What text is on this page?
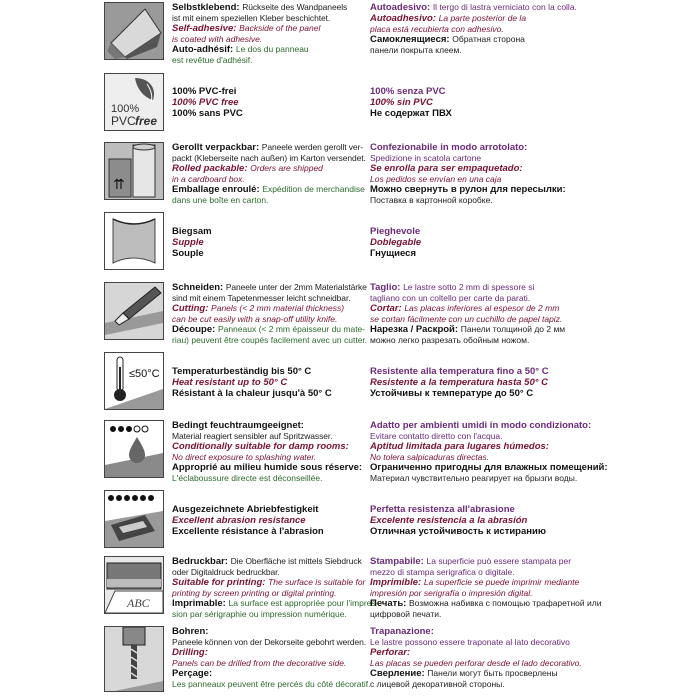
Selbstklebend: Rückseite des Wandpaneels
ist mit einem speziellen Kleber beschichtet.
Self-adhesive: Backside of the panel
is coated with adhesive.
Auto-adhésif: Le dos du panneau
est revêtue d'adhésif.
Autoadesivo: Il tergo di lastra verniciato con la colla.
Autoadhesivo: La parte posterior de la
placa está recubierta con adhesivo.
Самоклеящиеся: Обратная сторона
панели покрыта клеем.
100%
PVC free
100% PVC-frei
100% PVC free
100% sans PVC
100% senza PVC
100% sin PVC
Не содержат ПВХ
⇈
Gerollt verpackbar: Paneele werden gerollt ver-
packt (Kleberseite nach außen) im Karton versendet.
Rolled packable: Orders are shipped
in a cardboard box.
Emballage enroulé: Expédition de merchandise
dans une boîte en carton.
Confezionabile in modo arrotolato:
Spedizione in scatola cartone
Se enrolla para ser empaquetado:
Los pedidos se envían en una caja
Можно свернуть в рулон для пересылки:
Поставка в картонной коробке.
Biegsam
Supple
Souple
Pieghevole
Doblegable
Гнущиеся
Schneiden: Paneele unter der 2mm Materialstärke
sind mit einem Tapetenmesser leicht schneidbar.
Cutting: Panels (< 2 mm material thickness)
can be cut easily with a snap-off utility knife.
Découpe: Panneaux (< 2 mm épaisseur du mate-
riau) peuvent être coupés facilement avec un cutter.
Taglio: Le lastre sotto 2 mm di spessore si
tagliano con un coltello per carte da parati.
Cortar: Las placas inferiores al espesor de 2 mm
se cortan fácilmente con un cuchillo de papel tapiz.
Нарезка / Раскрой: Панели толщиной до 2 мм
можно легко разрезать обойным ножом.
≤50°C Temperaturbeständig bis 50° C
Heat resistant up to 50° C
Résistant à la chaleur jusqu'à 50° C
Resistente alla temperatura fino a 50° C
Resistente a la temperatura hasta 50° C
Устойчивы к температуре до 50° C
Bedingt feuchtraumgeeignet:
Material reagiert sensibler auf Spritzwasser.
Conditionally suitable for damp rooms:
No direct exposure to splashing water.
Approprié au milieu humide sous réserve:
L'éclaboussure directe est déconseillée.
Adatto per ambienti umidi in modo condizionato:
Evitare contatto diretto con l'acqua.
Aptitud limitada para lugares húmedos:
No tolera salpicaduras directas.
Ограниченно пригодны для влажных помещений:
Материал чувствительно реагирует на брызги воды.
Ausgezeichnete Abriebfestigkeit
Excellent abrasion resistance
Excellente résistance à l'abrasion
Perfetta resistenza all'abrasione
Excelente resistencia a la abrasión
Отличная устойчивость к истиранию
ABC
Bedruckbar: Die Oberfläche ist mittels Siebdruck
oder Digitaldruck bedruckbar.
Suitable for printing: The surface is suitable for
printing by screen printing or digital printing.
Imprimable: La surface est appropriée pour l'impres-
sion par sérigraphie ou impression numérique.
Stampabile: La superficie può essere stampata per
mezzo di stampa serigrafica o digitale.
Imprimible: La superficie se puede imprimir mediante
impresión por serigrafía o impresión digital.
Печать: Возможна набивка с помощью трафаретной или
цифровой печати.
Bohren:
Paneele können von der Dekorseite gebohrt werden.
Drilling:
Panels can be drilled from the decorative side.
Perçage:
Les panneaux peuvent être percés du côté décoratif.
Trapanazione:
Le lastre possono essere traponate al lato decorativo
Perforar:
Las placas se pueden perforar desde el lado decorativo.
Сверление: Панели могут быть просверлены
с лицевой декоративной стороны.
